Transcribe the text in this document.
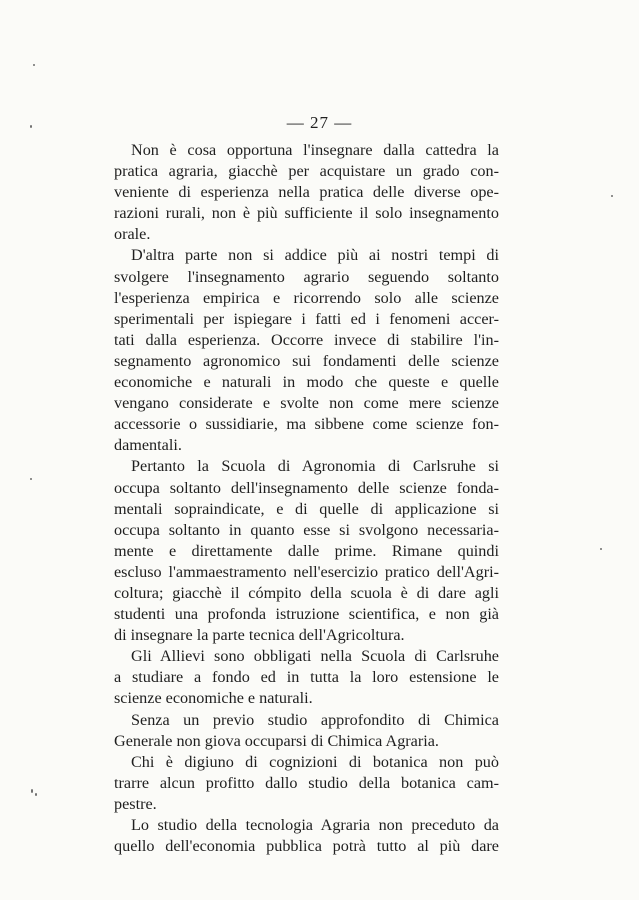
— 27 —
Non è cosa opportuna l'insegnare dalla cattedra la
pratica agraria, giacchè per acquistare un grado con-
veniente di esperienza nella pratica delle diverse ope-
razioni rurali, non è più sufficiente il solo insegnamento
orale.
D'altra parte non si addice più ai nostri tempi di
svolgere l'insegnamento agrario seguendo soltanto
l'esperienza empirica e ricorrendo solo alle scienze
sperimentali per ispiegare i fatti ed i fenomeni accer-
tati dalla esperienza. Occorre invece di stabilire l'in-
segnamento agronomico sui fondamenti delle scienze
economiche e naturali in modo che queste e quelle
vengano considerate e svolte non come mere scienze
accessorie o sussidiarie, ma sibbene come scienze fon-
damentali.
Pertanto la Scuola di Agronomia di Carlsruhe si
occupa soltanto dell'insegnamento delle scienze fonda-
mentali sopraindicate, e di quelle di applicazione si
occupa soltanto in quanto esse si svolgono necessaria-
mente e direttamente dalle prime. Rimane quindi
escluso l'ammaestramento nell'esercizio pratico dell'Agri-
coltura; giacchè il cómpito della scuola è di dare agli
studenti una profonda istruzione scientifica, e non già
di insegnare la parte tecnica dell'Agricoltura.
Gli Allievi sono obbligati nella Scuola di Carlsruhe
a studiare a fondo ed in tutta la loro estensione le
scienze economiche e naturali.
Senza un previo studio approfondito di Chimica
Generale non giova occuparsi di Chimica Agraria.
Chi è digiuno di cognizioni di botanica non può
trarre alcun profitto dallo studio della botanica cam-
pestre.
Lo studio della tecnologia Agraria non preceduto da
quello dell'economia pubblica potrà tutto al più dare
